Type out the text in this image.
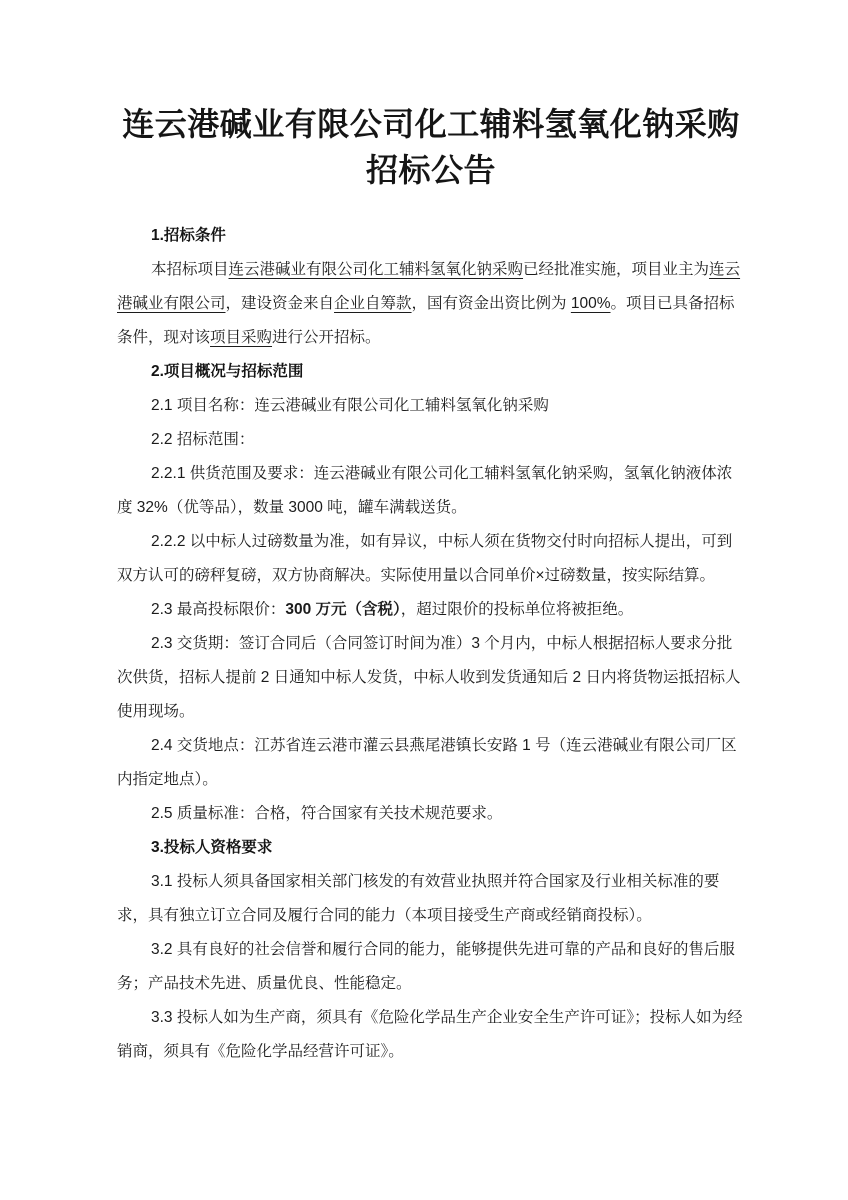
连云港碱业有限公司化工辅料氢氧化钠采购
招标公告

1.招标条件

本招标项目连云港碱业有限公司化工辅料氢氧化钠采购已经批准实施，项目业主为连云港碱业有限公司，建设资金来自企业自筹款，国有资金出资比例为 100%。项目已具备招标条件，现对该项目采购进行公开招标。

2.项目概况与招标范围

2.1 项目名称：连云港碱业有限公司化工辅料氢氧化钠采购

2.2 招标范围：

2.2.1 供货范围及要求：连云港碱业有限公司化工辅料氢氧化钠采购，氢氧化钠液体浓度 32%（优等品），数量 3000 吨，罐车满载送货。

2.2.2 以中标人过磅数量为准，如有异议，中标人须在货物交付时向招标人提出，可到双方认可的磅秤复磅，双方协商解决。实际使用量以合同单价×过磅数量，按实际结算。

2.3 最高投标限价：300 万元（含税），超过限价的投标单位将被拒绝。

2.3 交货期：签订合同后（合同签订时间为准）3 个月内，中标人根据招标人要求分批次供货，招标人提前 2 日通知中标人发货，中标人收到发货通知后 2 日内将货物运抵招标人使用现场。

2.4 交货地点：江苏省连云港市灌云县燕尾港镇长安路 1 号（连云港碱业有限公司厂区内指定地点）。

2.5 质量标准：合格，符合国家有关技术规范要求。

3.投标人资格要求

3.1 投标人须具备国家相关部门核发的有效营业执照并符合国家及行业相关标准的要求，具有独立订立合同及履行合同的能力（本项目接受生产商或经销商投标）。

3.2 具有良好的社会信誉和履行合同的能力，能够提供先进可靠的产品和良好的售后服务；产品技术先进、质量优良、性能稳定。

3.3 投标人如为生产商，须具有《危险化学品生产企业安全生产许可证》；投标人如为经销商，须具有《危险化学品经营许可证》。
